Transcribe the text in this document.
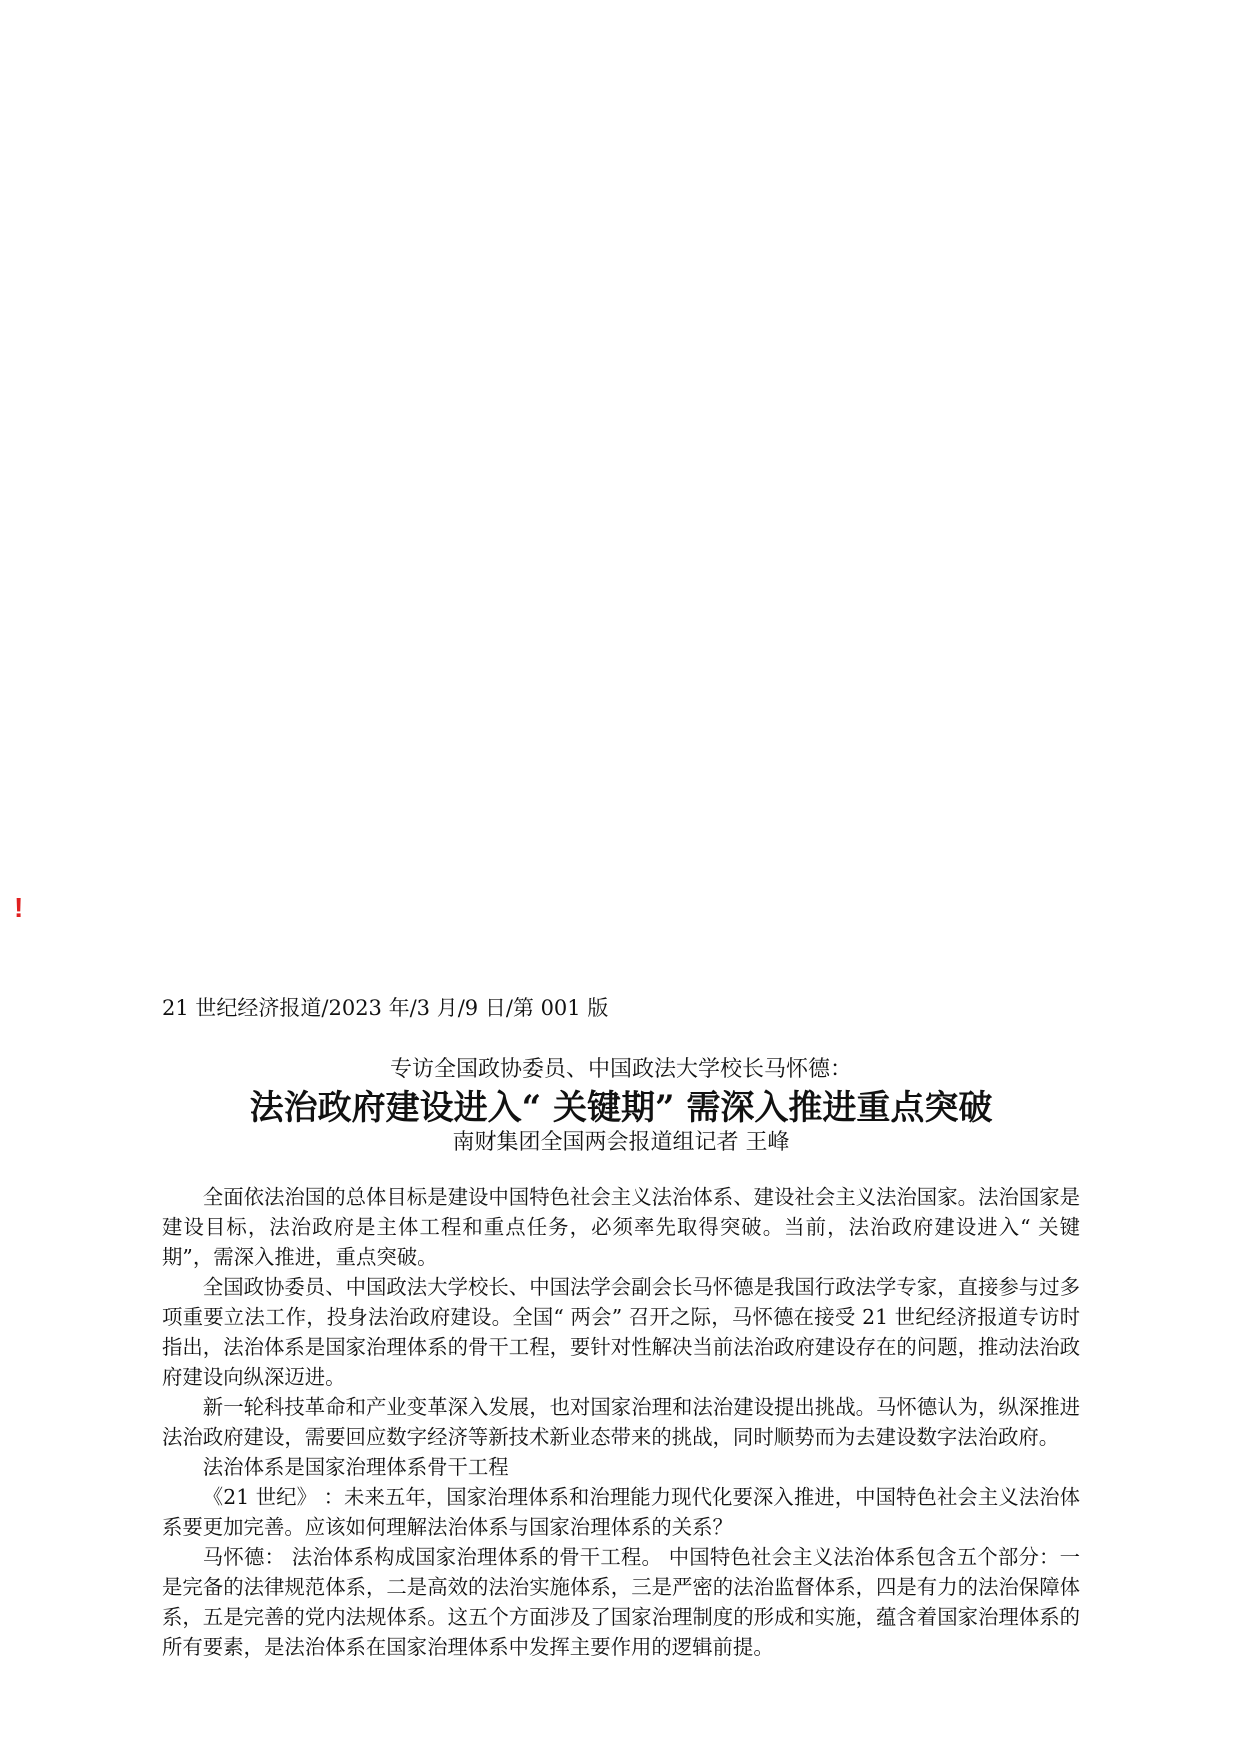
!
21 世纪经济报道/2023 年/3 月/9 日/第 001 版
专访全国政协委员、中国政法大学校长马怀德：
法治政府建设进入“ 关键期” 需深入推进重点突破
南财集团全国两会报道组记者 王峰

全面依法治国的总体目标是建设中国特色社会主义法治体系、建设社会主义法治国家。法治国家是建设目标，法治政府是主体工程和重点任务，必须率先取得突破。当前，法治政府建设进入“ 关键期”，需深入推进，重点突破。

全国政协委员、中国政法大学校长、中国法学会副会长马怀德是我国行政法学专家，直接参与过多项重要立法工作，投身法治政府建设。全国“ 两会” 召开之际，马怀德在接受 21 世纪经济报道专访时指出，法治体系是国家治理体系的骨干工程，要针对性解决当前法治政府建设存在的问题，推动法治政府建设向纵深迈进。

新一轮科技革命和产业变革深入发展，也对国家治理和法治建设提出挑战。马怀德认为，纵深推进法治政府建设，需要回应数字经济等新技术新业态带来的挑战，同时顺势而为去建设数字法治政府。

法治体系是国家治理体系骨干工程

《21 世纪》 ：未来五年，国家治理体系和治理能力现代化要深入推进，中国特色社会主义法治体系要更加完善。应该如何理解法治体系与国家治理体系的关系？

马怀德： 法治体系构成国家治理体系的骨干工程。 中国特色社会主义法治体系包含五个部分：一是完备的法律规范体系，二是高效的法治实施体系，三是严密的法治监督体系，四是有力的法治保障体系，五是完善的党内法规体系。这五个方面涉及了国家治理制度的形成和实施，蕴含着国家治理体系的所有要素，是法治体系在国家治理体系中发挥主要作用的逻辑前提。
